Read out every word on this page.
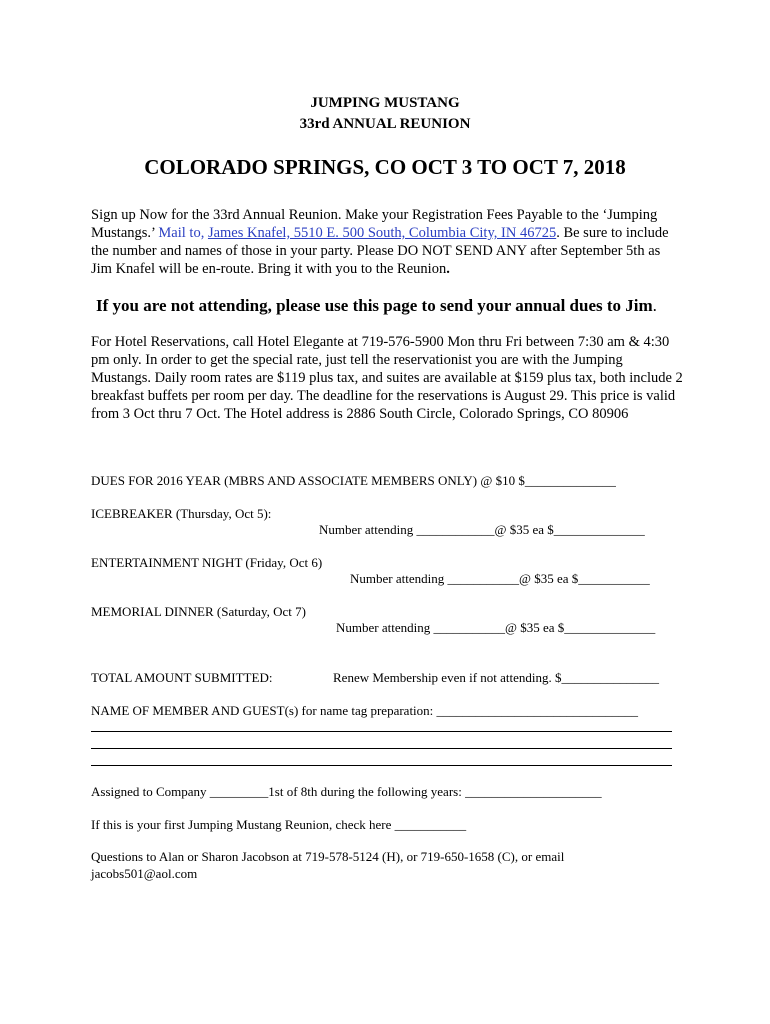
JUMPING MUSTANG
33rd ANNUAL REUNION
COLORADO SPRINGS, CO OCT 3 TO OCT 7, 2018
Sign up Now for the 33rd Annual Reunion. Make your Registration Fees Payable to the ‘Jumping Mustangs.’ Mail to, James Knafel, 5510 E. 500 South, Columbia City, IN 46725. Be sure to include the number and names of those in your party. Please DO NOT SEND ANY after September 5th as Jim Knafel will be en-route. Bring it with you to the Reunion.
If you are not attending, please use this page to send your annual dues to Jim.
For Hotel Reservations, call Hotel Elegante at 719-576-5900 Mon thru Fri between 7:30 am & 4:30 pm only. In order to get the special rate, just tell the reservationist you are with the Jumping Mustangs. Daily room rates are $119 plus tax, and suites are available at $159 plus tax, both include 2 breakfast buffets per room per day. The deadline for the reservations is August 29. This price is valid from 3 Oct thru 7 Oct. The Hotel address is 2886 South Circle, Colorado Springs, CO 80906
DUES FOR 2016 YEAR (MBRS AND ASSOCIATE MEMBERS ONLY) @ $10 $______________
ICEBREAKER (Thursday, Oct 5):
Number attending ____________@ $35 ea $______________
ENTERTAINMENT NIGHT (Friday, Oct 6)
Number attending ___________@ $35 ea $___________
MEMORIAL DINNER (Saturday, Oct 7)
Number attending ___________@ $35 ea $______________
TOTAL AMOUNT SUBMITTED:	Renew Membership even if not attending. $_______________
NAME OF MEMBER AND GUEST(s) for name tag preparation: _______________________________
Assigned to Company _________1st of 8th during the following years: _____________________
If this is your first Jumping Mustang Reunion, check here ___________
Questions to Alan or Sharon Jacobson at 719-578-5124 (H), or 719-650-1658 (C), or email
jacobs501@aol.com
